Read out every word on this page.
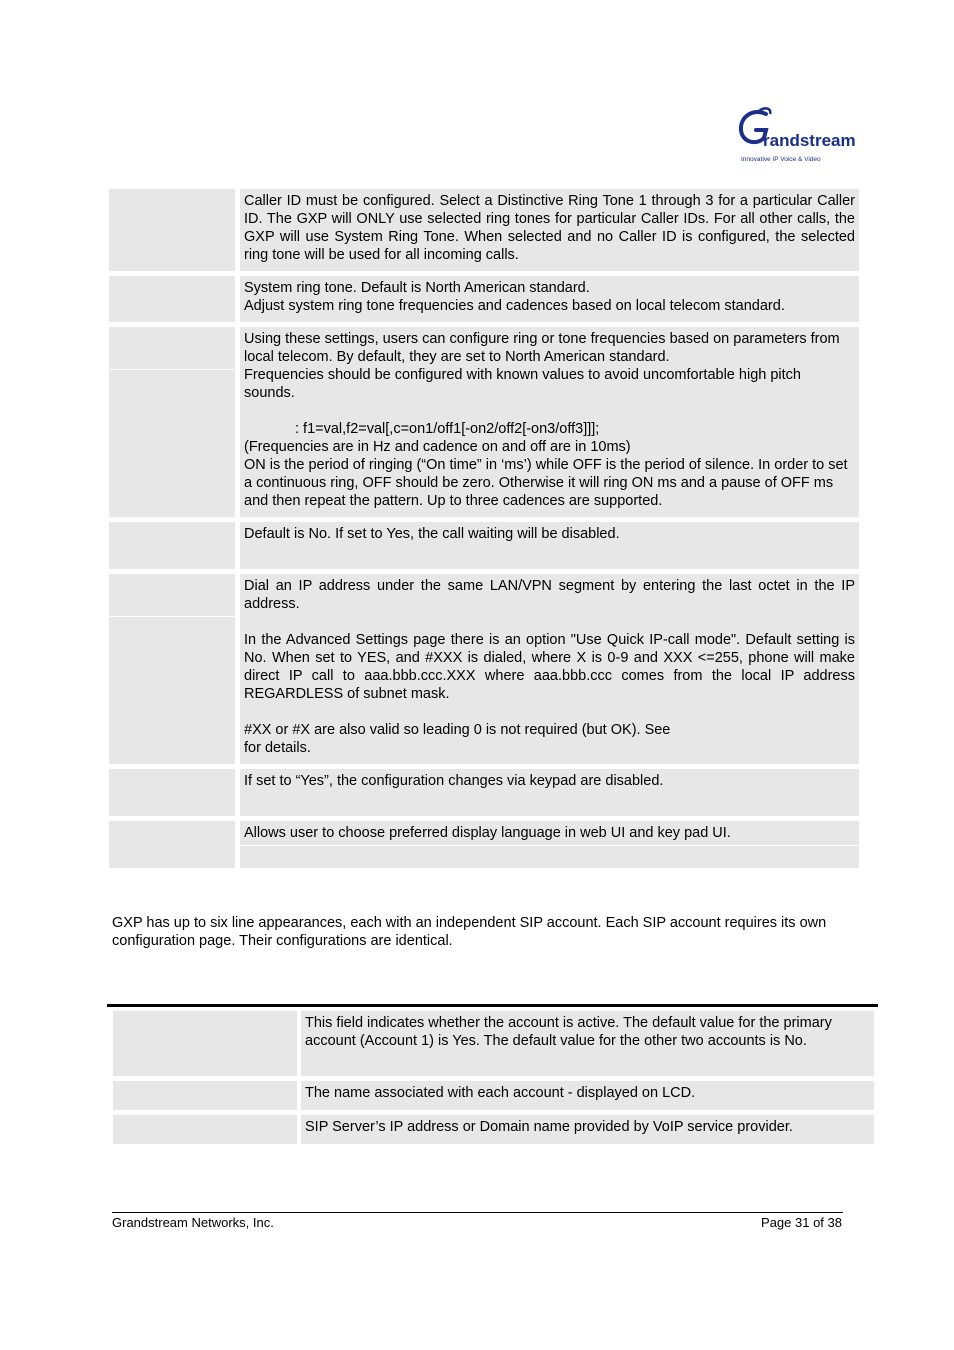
randstream
Innovative IP Voice & Video

Caller ID must be configured. Select a Distinctive Ring Tone 1 through 3 for a particular Caller ID. The GXP will ONLY use selected ring tones for particular Caller IDs. For all other calls, the GXP will use System Ring Tone. When selected and no Caller ID is configured, the selected ring tone will be used for all incoming calls.

System ring tone. Default is North American standard.

Adjust system ring tone frequencies and cadences based on local telecom standard.

Using these settings, users can configure ring or tone frequencies based on parameters from local telecom. By default, they are set to North American standard.

Frequencies should be configured with known values to avoid uncomfortable high pitch sounds.

: f1=val,f2=val[,c=on1/off1[-on2/off2[-on3/off3]]];

(Frequencies are in Hz and cadence on and off are in 10ms)

ON is the period of ringing (“On time” in ‘ms’) while OFF is the period of silence. In order to set a continuous ring, OFF should be zero. Otherwise it will ring ON ms and a pause of OFF ms and then repeat the pattern. Up to three cadences are supported.

Default is No. If set to Yes, the call waiting will be disabled.

Dial an IP address under the same LAN/VPN segment by entering the last octet in the IP address.

In the Advanced Settings page there is an option "Use Quick IP-call mode". Default setting is No. When set to YES, and #XXX is dialed, where X is 0-9 and XXX <=255, phone will make direct IP call to aaa.bbb.ccc.XXX where aaa.bbb.ccc comes from the local IP address REGARDLESS of subnet mask.

#XX or #X are also valid so leading 0 is not required (but OK). See

for details.

If set to “Yes”, the configuration changes via keypad are disabled.

Allows user to choose preferred display language in web UI and key pad UI.

GXP has up to six line appearances, each with an independent SIP account. Each SIP account requires its own configuration page. Their configurations are identical.

This field indicates whether the account is active. The default value for the primary account (Account 1) is Yes. The default value for the other two accounts is No.

The name associated with each account - displayed on LCD.

SIP Server’s IP address or Domain name provided by VoIP service provider.

Grandstream Networks, Inc.	Page 31 of 38
